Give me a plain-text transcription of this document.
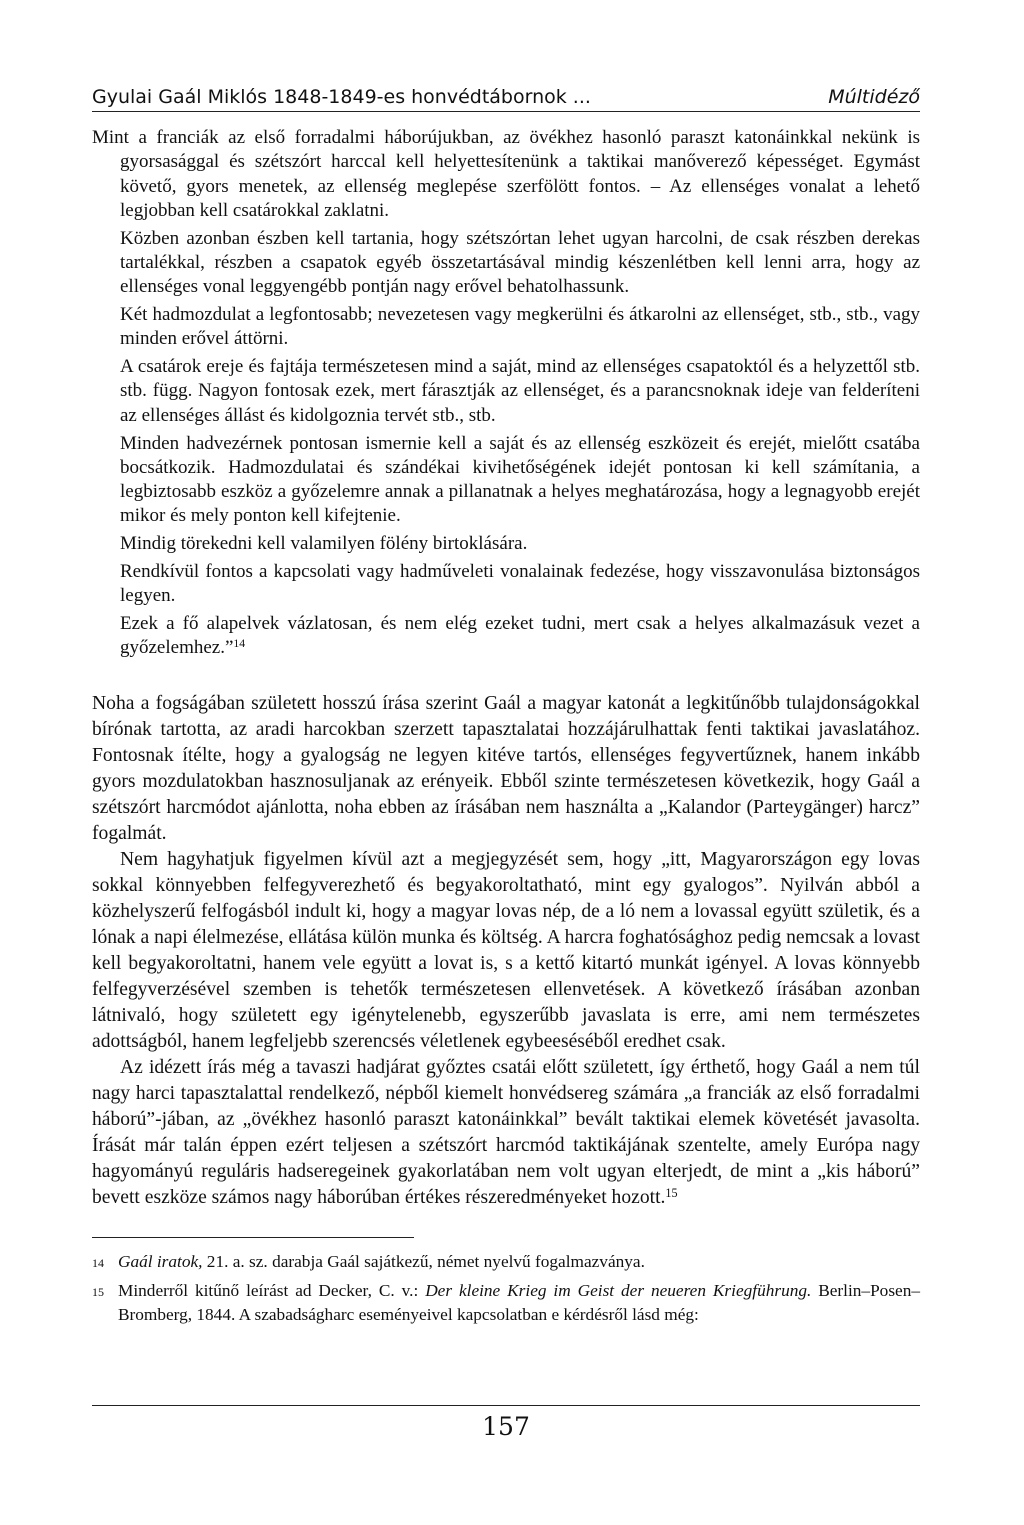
Gyulai Gaál Miklós 1848-1849-es honvédtábornok ...	Múltidéző

Mint a franciák az első forradalmi háborújukban, az övékhez hasonló paraszt katonáinkkal nekünk is gyorsasággal és szétszórt harccal kell helyettesítenünk a taktikai manőverező képességet. Egymást követő, gyors menetek, az ellenség meglepése szerfölött fontos. – Az ellenséges vonalat a lehető legjobban kell csatárokkal zaklatni.

Közben azonban észben kell tartania, hogy szétszórtan lehet ugyan harcolni, de csak részben derekas tartalékkal, részben a csapatok egyéb összetartásával mindig készenlétben kell lenni arra, hogy az ellenséges vonal leggyengébb pontján nagy erővel behatolhassunk.

Két hadmozdulat a legfontosabb; nevezetesen vagy megkerülni és átkarolni az ellenséget, stb., stb., vagy minden erővel áttörni.

A csatárok ereje és fajtája természetesen mind a saját, mind az ellenséges csapatoktól és a helyzettől stb. stb. függ. Nagyon fontosak ezek, mert fárasztják az ellenséget, és a parancsnoknak ideje van felderíteni az ellenséges állást és kidolgoznia tervét stb., stb.

Minden hadvezérnek pontosan ismernie kell a saját és az ellenség eszközeit és erejét, mielőtt csatába bocsátkozik. Hadmozdulatai és szándékai kivihetőségének idejét pontosan ki kell számítania, a legbiztosabb eszköz a győzelemre annak a pillanatnak a helyes meghatározása, hogy a legnagyobb erejét mikor és mely ponton kell kifejtenie.

Mindig törekedni kell valamilyen fölény birtoklására.

Rendkívül fontos a kapcsolati vagy hadműveleti vonalainak fedezése, hogy visszavonulása biztonságos legyen.

Ezek a fő alapelvek vázlatosan, és nem elég ezeket tudni, mert csak a helyes alkalmazásuk vezet a győzelemhez.”$^{14}$

Noha a fogságában született hosszú írása szerint Gaál a magyar katonát a legkitűnőbb tulajdonságokkal bírónak tartotta, az aradi harcokban szerzett tapasztalatai hozzájárulhattak fenti taktikai javaslatához. Fontosnak ítélte, hogy a gyalogság ne legyen kitéve tartós, ellenséges fegyvertűznek, hanem inkább gyors mozdulatokban hasznosuljanak az erényeik. Ebből szinte természetesen következik, hogy Gaál a szétszórt harcmódot ajánlotta, noha ebben az írásában nem használta a „Kalandor (Parteygänger) harcz” fogalmát.

Nem hagyhatjuk figyelmen kívül azt a megjegyzését sem, hogy „itt, Magyarországon egy lovas sokkal könnyebben felfegyverezhető és begyakoroltatható, mint egy gyalogos”. Nyilván abból a közhelyszerű felfogásból indult ki, hogy a magyar lovas nép, de a ló nem a lovassal együtt születik, és a lónak a napi élelmezése, ellátása külön munka és költség. A harcra foghatósághoz pedig nemcsak a lovast kell begyakoroltatni, hanem vele együtt a lovat is, s a kettő kitartó munkát igényel. A lovas könnyebb felfegyverzésével szemben is tehetők természetesen ellenvetések. A következő írásában azonban látnivaló, hogy született egy igénytelenebb, egyszerűbb javaslata is erre, ami nem természetes adottságból, hanem legfeljebb szerencsés véletlenek egybeeséséből eredhet csak.

Az idézett írás még a tavaszi hadjárat győztes csatái előtt született, így érthető, hogy Gaál a nem túl nagy harci tapasztalattal rendelkező, népből kiemelt honvédsereg számára „a franciák az első forradalmi háború”-jában, az „övékhez hasonló paraszt katonáinkkal” bevált taktikai elemek követését javasolta. Írását már talán éppen ezért teljesen a szétszórt harcmód taktikájának szentelte, amely Európa nagy hagyományú reguláris hadseregeinek gyakorlatában nem volt ugyan elterjedt, de mint a „kis háború” bevett eszköze számos nagy háborúban értékes részeredményeket hozott.$^{15}$

14 Gaál iratok, 21. a. sz. darabja Gaál sajátkezű, német nyelvű fogalmazványa.
15 Minderről kitűnő leírást ad Decker, C. v.: Der kleine Krieg im Geist der neueren Kriegführung. Berlin–Posen–Bromberg, 1844. A szabadságharc eseményeivel kapcsolatban e kérdésről lásd még:
157
